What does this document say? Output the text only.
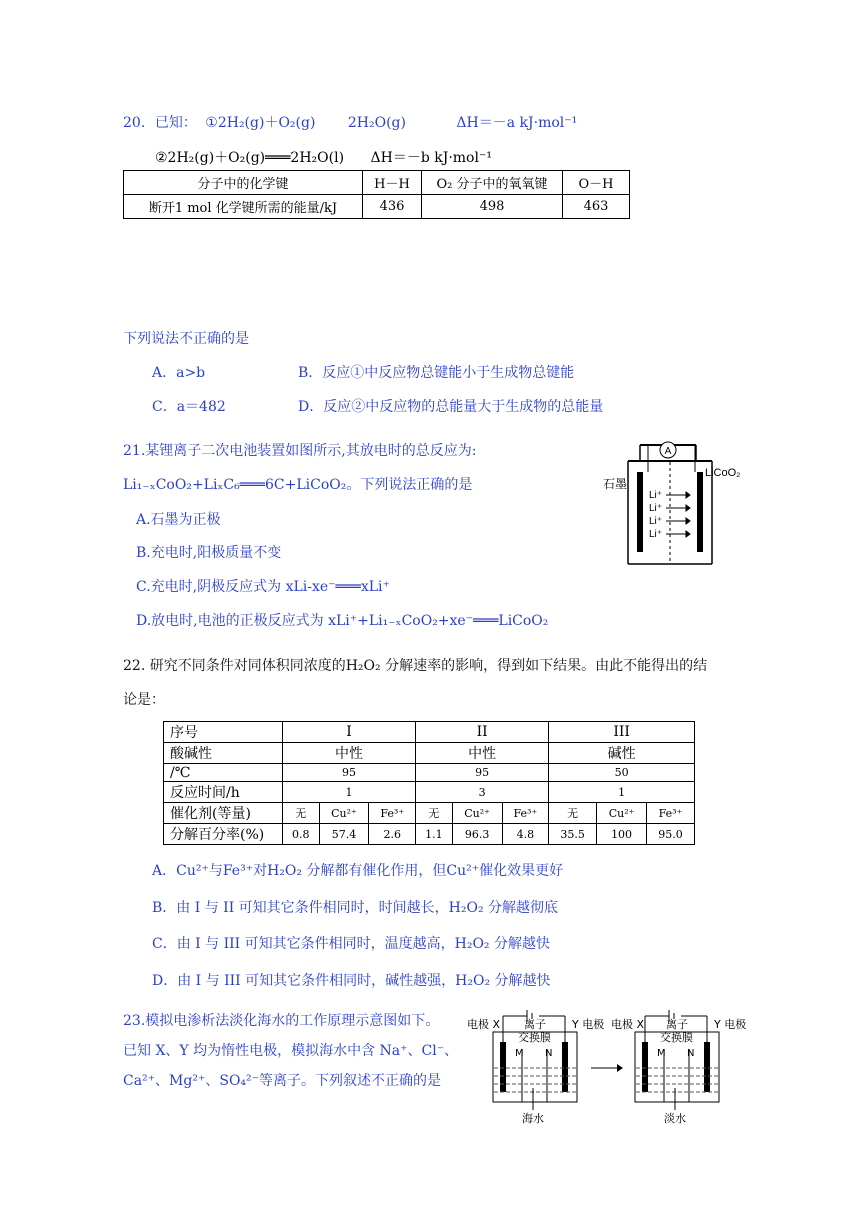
20．已知： ①2H₂(g)＋O₂(g) 2H₂O(g)	ΔH＝－a kJ·mol⁻¹
②2H₂(g)＋O₂(g)═══2H₂O(l) ΔH＝－b kJ·mol⁻¹
分子中的化学键	H－H	O₂ 分子中的氧氧键	O－H
断开1 mol 化学键所需的能量/kJ	436	498	463
下列说法不正确的是
A．a>b	B．反应①中反应物总键能小于生成物总键能
C．a＝482	D．反应②中反应物的总能量大于生成物的总能量
21.某锂离子二次电池装置如图所示,其放电时的总反应为:
Li₁₋ₓCoO₂+LiₓC₆═══6C+LiCoO₂。下列说法正确的是
A.石墨为正极
B.充电时,阳极质量不变
C.充电时,阴极反应式为 xLi-xe⁻═══xLi⁺
D.放电时,电池的正极反应式为 xLi⁺+Li₁₋ₓCoO₂+xe⁻═══LiCoO₂
A
石墨
LiCoO₂
Li⁺
Li⁺
Li⁺
Li⁺
22. 研究不同条件对同体积同浓度的H₂O₂ 分解速率的影响，得到如下结果。由此不能得出的结
论是：
序号	I			II			III		
酸碱性	中性			中性			碱性		
/℃	95			95			50		
反应时间/h	1			3			1		
催化剂(等量)	无	Cu²⁺	Fe³⁺	无	Cu²⁺	Fe³⁺	无	Cu²⁺	Fe³⁺
分解百分率(%)	0.8	57.4	2.6	1.1	96.3	4.8	35.5	100	95.0
A．Cu²⁺与Fe³⁺对H₂O₂ 分解都有催化作用，但Cu²⁺催化效果更好
B．由 I 与 II 可知其它条件相同时，时间越长，H₂O₂ 分解越彻底
C．由 I 与 III 可知其它条件相同时，温度越高，H₂O₂ 分解越快
D．由 I 与 III 可知其它条件相同时，碱性越强，H₂O₂ 分解越快
23.模拟电渗析法淡化海水的工作原理示意图如下。
已知 X、Y 均为惰性电极，模拟海水中含 Na⁺、Cl⁻、
Ca²⁺、Mg²⁺、SO₄²⁻等离子。下列叙述不正确的是
电极 X	Y 电极
离子
交换膜
M N
海水
电极 X	Y 电极
离子
交换膜
M N
淡水
